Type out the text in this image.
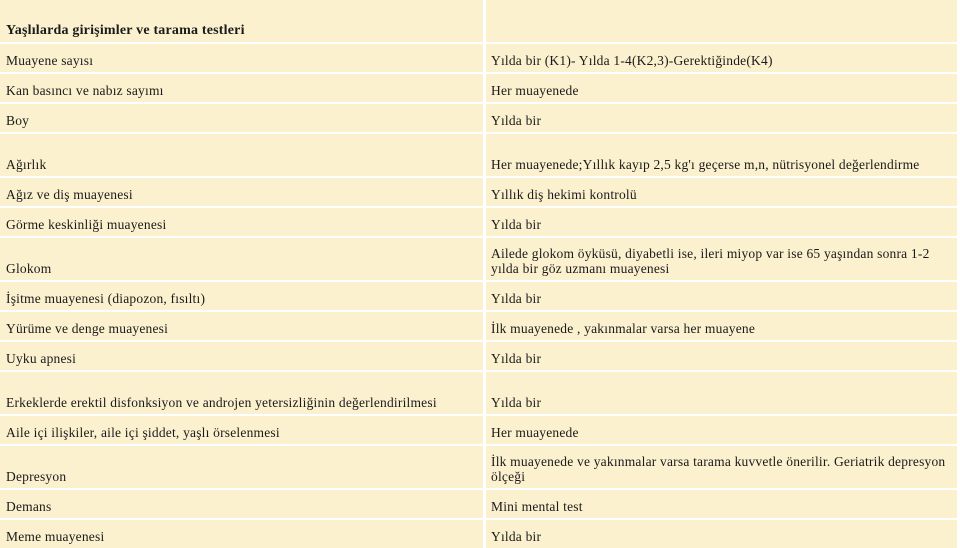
Yaşlılarda girişimler ve tarama testleri	
Muayene sayısı	Yılda bir (K1)- Yılda 1-4(K2,3)-Gerektiğinde(K4)
Kan basıncı ve nabız sayımı	Her muayenede
Boy	Yılda bir
Ağırlık	Her muayenede;Yıllık kayıp 2,5 kg'ı geçerse m,n, nütrisyonel değerlendirme
Ağız ve diş muayenesi	Yıllık diş hekimi kontrolü
Görme keskinliği muayenesi	Yılda bir
Glokom	Ailede glokom öyküsü, diyabetli ise, ileri miyop var ise 65 yaşından sonra 1-2 yılda bir göz uzmanı muayenesi
İşitme muayenesi (diapozon, fısıltı)	Yılda bir
Yürüme ve denge muayenesi	İlk muayenede , yakınmalar varsa her muayene
Uyku apnesi	Yılda bir
Erkeklerde erektil disfonksiyon ve androjen yetersizliğinin değerlendirilmesi	Yılda bir
Aile içi ilişkiler, aile içi şiddet, yaşlı örselenmesi	Her muayenede
Depresyon	İlk muayenede ve yakınmalar varsa tarama kuvvetle önerilir. Geriatrik depresyon ölçeği
Demans	Mini mental test
Meme muayenesi	Yılda bir
